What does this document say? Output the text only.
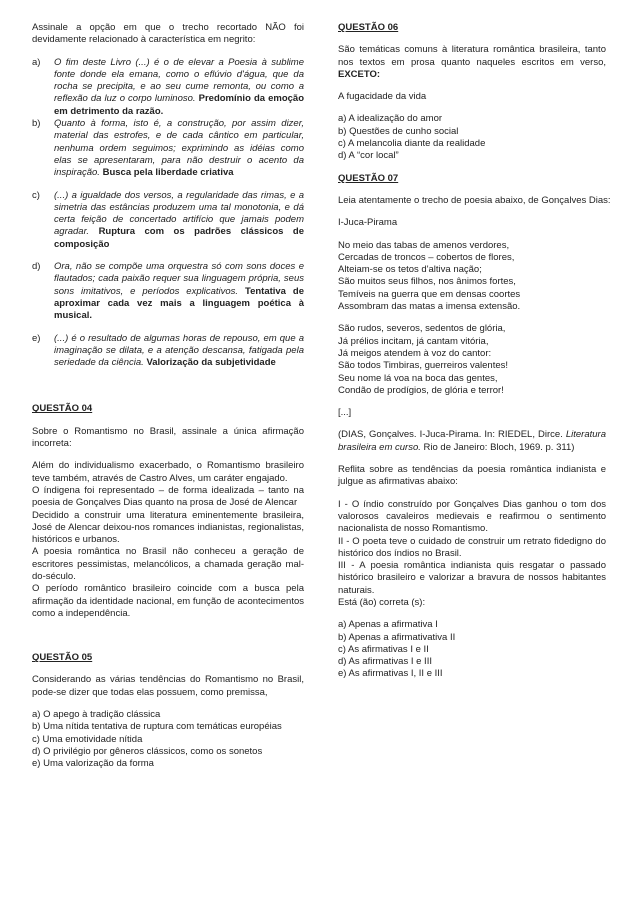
Assinale a opção em que o trecho recortado NÃO foi devidamente relacionado à característica em negrito:

a)	O fim deste Livro (...) é o de elevar a Poesia à sublime fonte donde ela emana, como o eflúvio d'água, que da rocha se precipita, e ao seu cume remonta, ou como a reflexão da luz o corpo luminoso. Predomínio da emoção em detrimento da razão.
b)	Quanto à forma, isto é, a construção, por assim dizer, material das estrofes, e de cada cântico em particular, nenhuma ordem seguimos; exprimindo as idéias como elas se apresentaram, para não destruir o acento da inspiração. Busca pela liberdade criativa
c)	(...) a igualdade dos versos, a regularidade das rimas, e a simetria das estâncias produzem uma tal monotonia, e dá certa feição de concertado artifício que jamais podem agradar. Ruptura com os padrões clássicos de composição
d)	Ora, não se compõe uma orquestra só com sons doces e flautados; cada paixão requer sua linguagem própria, seus sons imitativos, e períodos explicativos. Tentativa de aproximar cada vez mais a linguagem poética à musical.
e)	(...) é o resultado de algumas horas de repouso, em que a imaginação se dilata, e a atenção descansa, fatigada pela seriedade da ciência. Valorização da subjetividade

QUESTÃO 04

Sobre o Romantismo no Brasil, assinale a única afirmação incorreta:

Além do individualismo exacerbado, o Romantismo brasileiro teve também, através de Castro Alves, um caráter engajado.

O índigena foi representado – de forma idealizada – tanto na poesia de Gonçalves Dias quanto na prosa de José de Alencar

Decidido a construir uma literatura eminentemente brasileira, José de Alencar deixou-nos romances indianistas, regionalistas, históricos e urbanos.

A poesia romântica no Brasil não conheceu a geração de escritores pessimistas, melancólicos, a chamada geração mal-do-século.

O período romântico brasileiro coincide com a busca pela afirmação da identidade nacional, em função de acontecimentos como a independência.

QUESTÃO 05

Considerando as várias tendências do Romantismo no Brasil, pode-se dizer que todas elas possuem, como premissa,

a) O apego à tradição clássica

b) Uma nítida tentativa de ruptura com temáticas européias

c) Uma emotividade nítida

d) O privilégio por gêneros clássicos, como os sonetos

e) Uma valorização da forma

QUESTÃO 06

São temáticas comuns à literatura romântica brasileira, tanto nos textos em prosa quanto naqueles escritos em verso, EXCETO:

A fugacidade da vida

a) A idealização do amor

b) Questões de cunho social

c) A melancolia diante da realidade

d) A “cor local”

QUESTÃO 07

Leia atentamente o trecho de poesia abaixo, de Gonçalves Dias:

I-Juca-Pirama

No meio das tabas de amenos verdores,

Cercadas de troncos – cobertos de flores,

Alteiam-se os tetos d'altiva nação;

São muitos seus filhos, nos ânimos fortes,

Temíveis na guerra que em densas coortes

Assombram das matas a imensa extensão.

São rudos, severos, sedentos de glória,

Já prélios incitam, já cantam vitória,

Já meigos atendem à voz do cantor:

São todos Timbiras, guerreiros valentes!

Seu nome lá voa na boca das gentes,

Condão de prodígios, de glória e terror!

[...]

(DIAS, Gonçalves. I-Juca-Pirama. In: RIEDEL, Dirce. Literatura brasileira em curso. Rio de Janeiro: Bloch, 1969. p. 311)

Reflita sobre as tendências da poesia romântica indianista e julgue as afirmativas abaixo:

I - O índio construído por Gonçalves Dias ganhou o tom dos valorosos cavaleiros medievais e reafirmou o sentimento nacionalista de nosso Romantismo.

II - O poeta teve o cuidado de construir um retrato fidedigno do histórico dos índios no Brasil.

III - A poesia romântica indianista quis resgatar o passado histórico brasileiro e valorizar a bravura de nossos habitantes naturais.

Está (ão) correta (s):

a) Apenas a afirmativa I

b) Apenas a afirmativativa II

c) As afirmativas I e II

d) As afirmativas I e III

e) As afirmativas I, II e III
